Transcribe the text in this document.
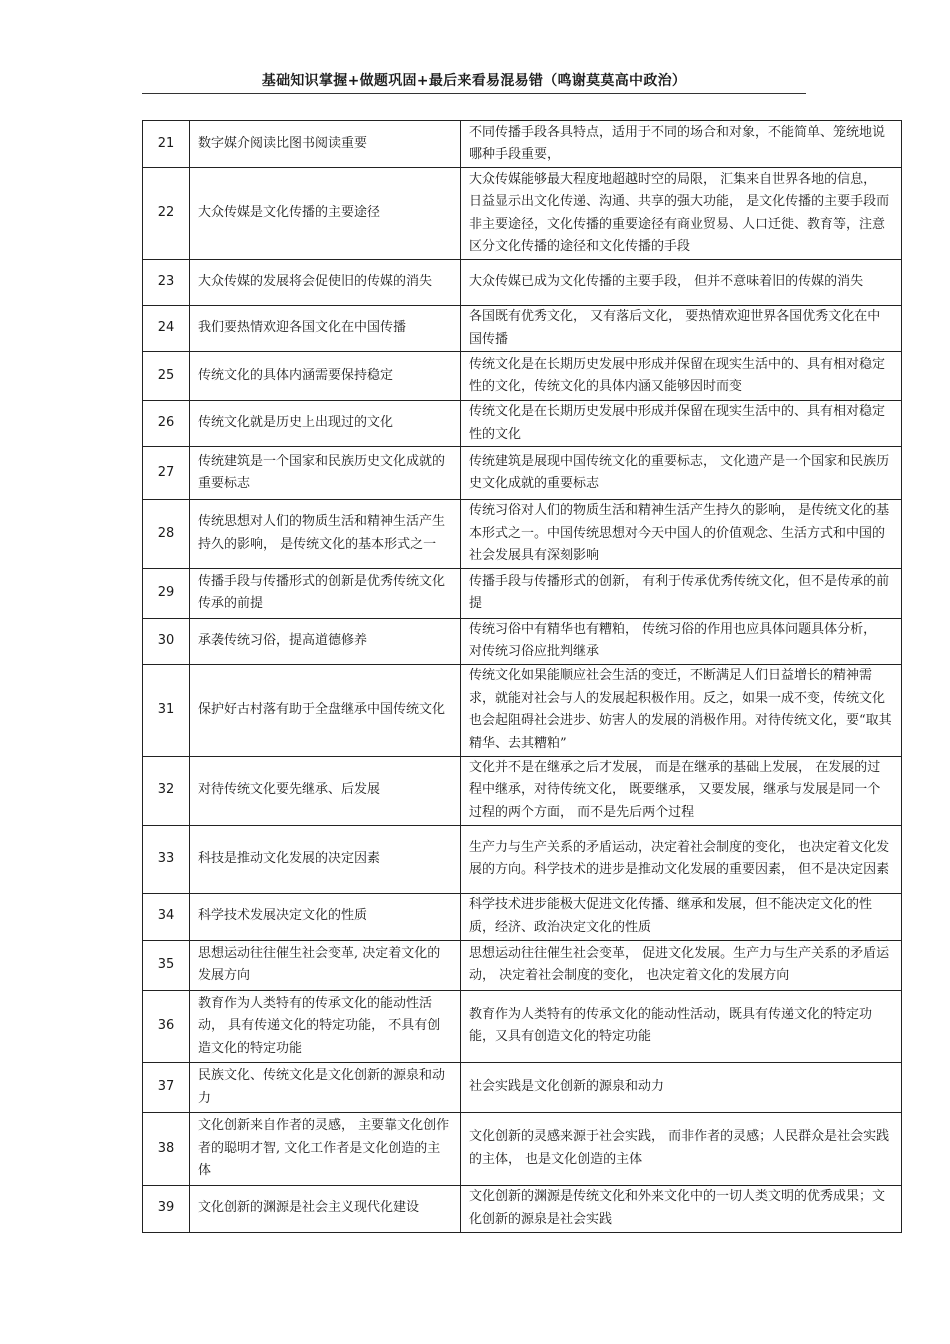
基础知识掌握+做题巩固+最后来看易混易错（鸣谢莫莫高中政治）
21	数字媒介阅读比图书阅读重要	不同传播手段各具特点，适用于不同的场合和对象，不能简单、笼统地说哪种手段重要，
22	大众传媒是文化传播的主要途径	大众传媒能够最大程度地超越时空的局限， 汇集来自世界各地的信息， 日益显示出文化传递、沟通、共享的强大功能， 是文化传播的主要手段而非主要途径，文化传播的重要途径有商业贸易、人口迁徙、教育等，注意区分文化传播的途径和文化传播的手段
23	大众传媒的发展将会促使旧的传媒的消失	大众传媒已成为文化传播的主要手段， 但并不意味着旧的传媒的消失
24	我们要热情欢迎各国文化在中国传播	各国既有优秀文化， 又有落后文化， 要热情欢迎世界各国优秀文化在中国传播
25	传统文化的具体内涵需要保持稳定	传统文化是在长期历史发展中形成并保留在现实生活中的、具有相对稳定性的文化，传统文化的具体内涵又能够因时而变
26	传统文化就是历史上出现过的文化	传统文化是在长期历史发展中形成并保留在现实生活中的、具有相对稳定性的文化
27	传统建筑是一个国家和民族历史文化成就的重要标志	传统建筑是展现中国传统文化的重要标志， 文化遗产是一个国家和民族历史文化成就的重要标志
28	传统思想对人们的物质生活和精神生活产生持久的影响， 是传统文化的基本形式之一	传统习俗对人们的物质生活和精神生活产生持久的影响， 是传统文化的基本形式之一。中国传统思想对今天中国人的价值观念、生活方式和中国的社会发展具有深刻影响
29	传播手段与传播形式的创新是优秀传统文化传承的前提	传播手段与传播形式的创新， 有利于传承优秀传统文化，但不是传承的前提
30	承袭传统习俗，提高道德修养	传统习俗中有精华也有糟粕， 传统习俗的作用也应具体问题具体分析， 对传统习俗应批判继承
31	保护好古村落有助于全盘继承中国传统文化	传统文化如果能顺应社会生活的变迁，不断满足人们日益增长的精神需求，就能对社会与人的发展起积极作用。反之，如果一成不变，传统文化也会起阻碍社会进步、妨害人的发展的消极作用。对待传统文化，要“取其精华、去其糟粕”
32	对待传统文化要先继承、后发展	文化并不是在继承之后才发展， 而是在继承的基础上发展， 在发展的过程中继承，对待传统文化， 既要继承， 又要发展，继承与发展是同一个过程的两个方面， 而不是先后两个过程
33	科技是推动文化发展的决定因素	生产力与生产关系的矛盾运动，决定着社会制度的变化， 也决定着文化发展的方向。科学技术的进步是推动文化发展的重要因素， 但不是决定因素
34	科学技术发展决定文化的性质	科学技术进步能极大促进文化传播、继承和发展，但不能决定文化的性质，经济、政治决定文化的性质
35	思想运动往往催生社会变革, 决定着文化的发展方向	思想运动往往催生社会变革， 促进文化发展。生产力与生产关系的矛盾运动， 决定着社会制度的变化， 也决定着文化的发展方向
36	教育作为人类特有的传承文化的能动性活动， 具有传递文化的特定功能， 不具有创造文化的特定功能	教育作为人类特有的传承文化的能动性活动，既具有传递文化的特定功能，又具有创造文化的特定功能
37	民族文化、传统文化是文化创新的源泉和动力	社会实践是文化创新的源泉和动力
38	文化创新来自作者的灵感， 主要靠文化创作者的聪明才智, 文化工作者是文化创造的主体	文化创新的灵感来源于社会实践， 而非作者的灵感；人民群众是社会实践的主体， 也是文化创造的主体
39	文化创新的渊源是社会主义现代化建设	文化创新的渊源是传统文化和外来文化中的一切人类文明的优秀成果；文化创新的源泉是社会实践
